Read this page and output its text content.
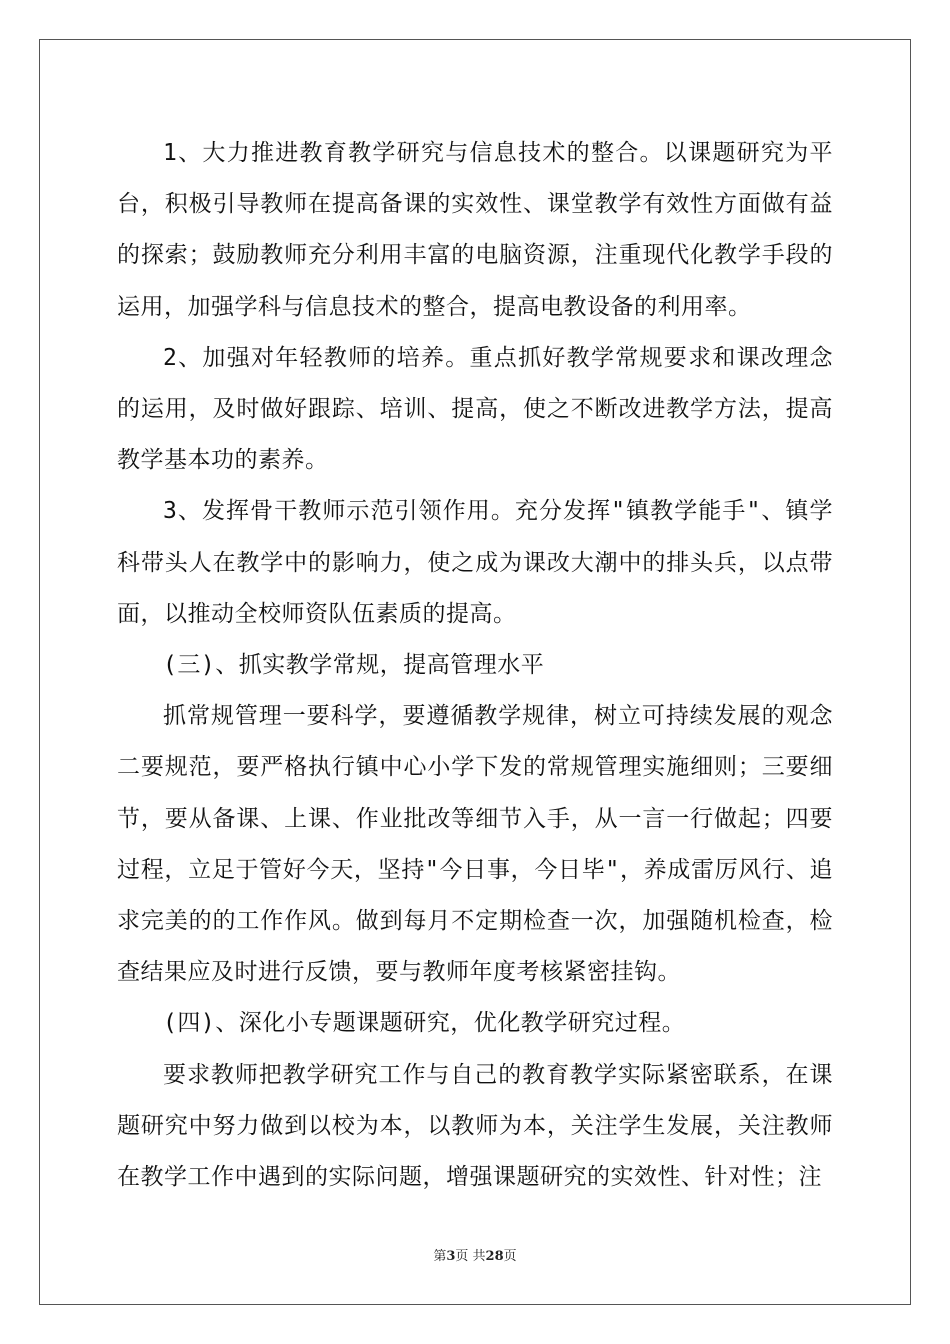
1、大力推进教育教学研究与信息技术的整合。以课题研究为平台，积极引导教师在提高备课的实效性、课堂教学有效性方面做有益的探索；鼓励教师充分利用丰富的电脑资源，注重现代化教学手段的运用，加强学科与信息技术的整合，提高电教设备的利用率。

2、加强对年轻教师的培养。重点抓好教学常规要求和课改理念的运用，及时做好跟踪、培训、提高，使之不断改进教学方法，提高教学基本功的素养。

3、发挥骨干教师示范引领作用。充分发挥"镇教学能手"、镇学科带头人在教学中的影响力，使之成为课改大潮中的排头兵，以点带面，以推动全校师资队伍素质的提高。

(三)、抓实教学常规，提高管理水平

抓常规管理一要科学，要遵循教学规律，树立可持续发展的观念二要规范，要严格执行镇中心小学下发的常规管理实施细则；三要细节，要从备课、上课、作业批改等细节入手，从一言一行做起；四要过程，立足于管好今天，坚持"今日事，今日毕"，养成雷厉风行、追求完美的的工作作风。做到每月不定期检查一次，加强随机检查，检查结果应及时进行反馈，要与教师年度考核紧密挂钩。

(四)、深化小专题课题研究，优化教学研究过程。

要求教师把教学研究工作与自己的教育教学实际紧密联系，在课题研究中努力做到以校为本，以教师为本，关注学生发展，关注教师在教学工作中遇到的实际问题，增强课题研究的实效性、针对性；注

第3页 共28页
